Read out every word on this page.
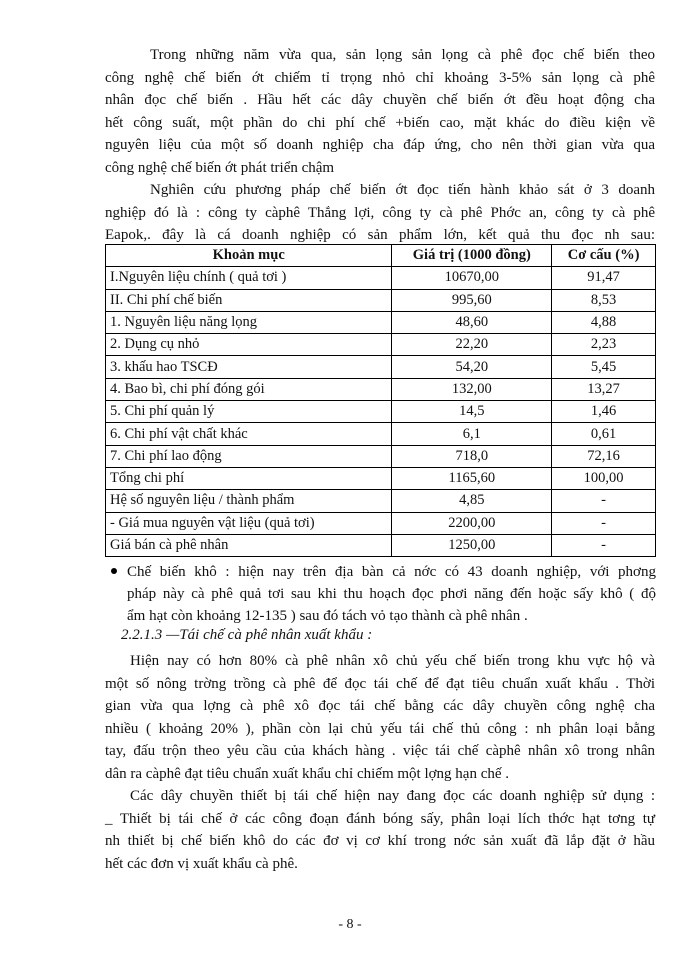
Trong những năm vừa qua, sản lọng sản lọng cà phê đọc chế biến theo
công nghệ chế biến ớt chiếm tỉ trọng nhỏ chỉ khoảng 3-5% sản lọng cà phê
nhân đọc chế biến . Hầu hết các dây chuyền chế biến ớt đều hoạt động cha
hết công suất, một phần do chi phí chế +biến cao, mặt khác do điều kiện về
nguyên liệu của một số doanh nghiệp cha đáp ứng, cho nên thời gian vừa qua
công nghệ chế biến ớt phát triển chậm

Nghiên cứu phương pháp chế biến ớt đọc tiến hành khảo sát ở 3 doanh
nghiệp đó là : công ty càphê Thắng lợi, công ty cà phê Phớc an, công ty cà phê
Eapok,. đây là cá doanh nghiệp có sản phẩm lớn, kết quả thu đọc nh sau:

Khoản mục	Giá trị (1000 đồng)	Cơ cấu (%)
I.Nguyên liệu chính ( quả tơi )	10670,00	91,47
II. Chi phí chế biến	995,60	8,53
1. Nguyên liệu năng lọng	48,60	4,88
2. Dụng cụ nhỏ	22,20	2,23
3. khấu hao TSCĐ	54,20	5,45
4. Bao bì, chi phí đóng gói	132,00	13,27
5. Chi phí quản lý	14,5	1,46
6. Chi phí vật chất khác	6,1	0,61
7. Chi phí lao động	718,0	72,16
Tổng chi phí	1165,60	100,00
Hệ số nguyên liệu / thành phẩm	4,85	-
- Giá mua nguyên vật liệu (quả tơi)	2200,00	-
Giá bán cà phê nhân	1250,00	-
Chế biến khô : hiện nay trên địa bàn cả nớc có 43 doanh nghiệp, với phơng
pháp này cà phê quả tơi sau khi thu hoạch đọc phơi năng đến hoặc sấy khô ( độ
ẩm hạt còn khoảng 12-135 ) sau đó tách vỏ tạo thành cà phê nhân .
2.2.1.3 —Tái chế cà phê nhân xuất khẩu :

Hiện nay có hơn 80% cà phê nhân xô chủ yếu chế biến trong khu vực hộ và
một số nông trờng trồng cà phê để đọc tái chế để đạt tiêu chuẩn xuất khẩu . Thời
gian vừa qua lợng cà phê xô đọc tái chế bằng các dây chuyền công nghệ cha
nhiều ( khoảng 20% ), phần còn lại chủ yếu tái chế thủ công : nh phân loại bằng
tay, đấu trộn theo yêu cầu của khách hàng . việc tái chế càphê nhân xô trong nhân
dân ra càphê đạt tiêu chuẩn xuất khẩu chỉ chiếm một lợng hạn chế .

Các dây chuyền thiết bị tái chế hiện nay đang đọc các doanh nghiệp sử dụng :
_ Thiết bị tái chế ở các công đoạn đánh bóng sấy, phân loại lích thớc hạt tơng tự
nh thiết bị chế biến khô do các đơ vị cơ khí trong nớc sản xuất đã lắp đặt ở hầu
hết các đơn vị xuất khẩu cà phê.

- 8 -
